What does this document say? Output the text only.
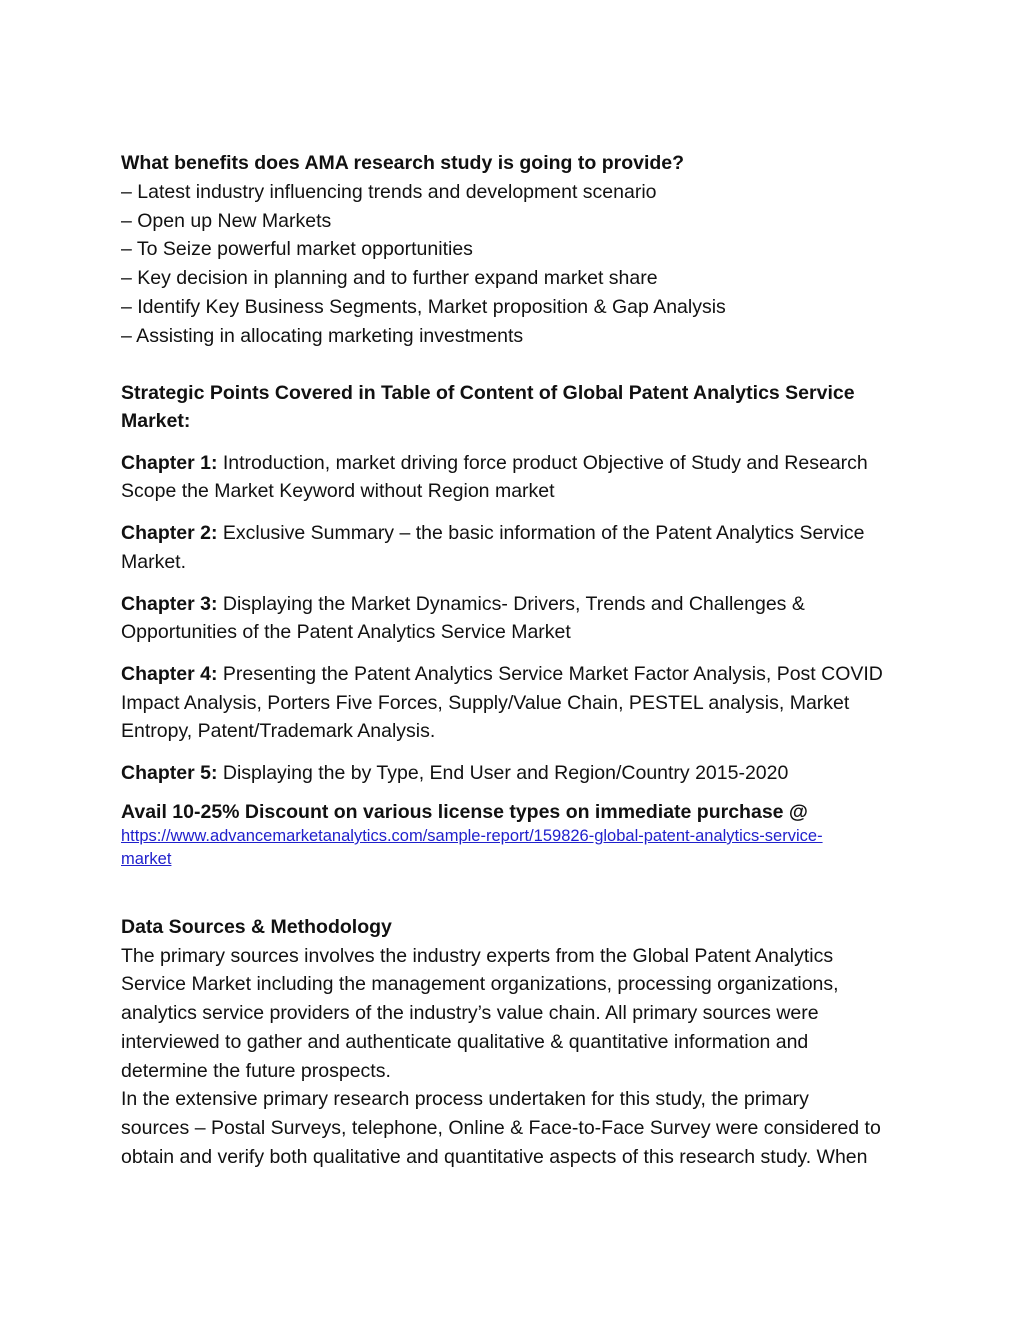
What benefits does AMA research study is going to provide?
– Latest industry influencing trends and development scenario
– Open up New Markets
– To Seize powerful market opportunities
– Key decision in planning and to further expand market share
– Identify Key Business Segments, Market proposition & Gap Analysis
– Assisting in allocating marketing investments
Strategic Points Covered in Table of Content of Global Patent Analytics Service
Market:
Chapter 1: Introduction, market driving force product Objective of Study and Research
Scope the Market Keyword without Region market
Chapter 2: Exclusive Summary – the basic information of the Patent Analytics Service
Market.
Chapter 3: Displaying the Market Dynamics- Drivers, Trends and Challenges &
Opportunities of the Patent Analytics Service Market
Chapter 4: Presenting the Patent Analytics Service Market Factor Analysis, Post COVID
Impact Analysis, Porters Five Forces, Supply/Value Chain, PESTEL analysis, Market
Entropy, Patent/Trademark Analysis.
Chapter 5: Displaying the by Type, End User and Region/Country 2015-2020
Avail 10-25% Discount on various license types on immediate purchase @
https://www.advancemarketanalytics.com/sample-report/159826-global-patent-analytics-service-
market
Data Sources & Methodology
The primary sources involves the industry experts from the Global Patent Analytics
Service Market including the management organizations, processing organizations,
analytics service providers of the industry’s value chain. All primary sources were
interviewed to gather and authenticate qualitative & quantitative information and
determine the future prospects.
In the extensive primary research process undertaken for this study, the primary
sources – Postal Surveys, telephone, Online & Face-to-Face Survey were considered to
obtain and verify both qualitative and quantitative aspects of this research study. When
